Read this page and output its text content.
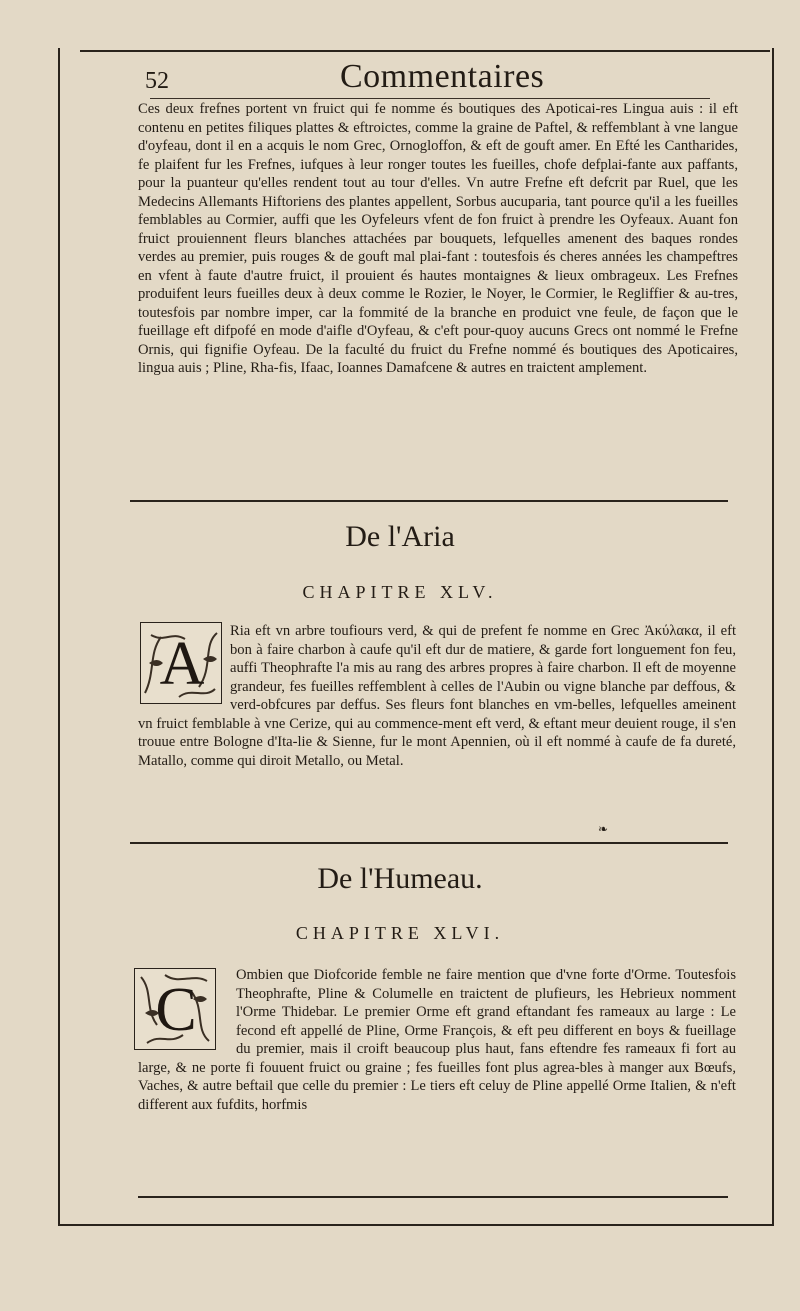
52	Commentaires

Ces deux frefnes portent vn fruict qui fe nomme és boutiques des Apoticai-res Lingua auis : il eft contenu en petites filiques plattes & eftroictes, comme la graine de Paftel, & reffemblant à vne langue d'oyfeau, dont il en a acquis le nom Grec, Ornogloffon, & eft de gouft amer. En Efté les Cantharides, fe plaifent fur les Frefnes, iufques à leur ronger toutes les fueilles, chofe defplai-fante aux paffants, pour la puanteur qu'elles rendent tout au tour d'elles. Vn autre Frefne eft defcrit par Ruel, que les Medecins Allemants Hiftoriens des plantes appellent, Sorbus aucuparia, tant pource qu'il a les fueilles femblables au Cormier, auffi que les Oyfeleurs vfent de fon fruict à prendre les Oyfeaux. Auant fon fruict prouiennent fleurs blanches attachées par bouquets, lefquelles amenent des baques rondes verdes au premier, puis rouges & de gouft mal plai-fant : toutesfois és cheres années les champeftres en vfent à faute d'autre fruict, il prouient és hautes montaignes & lieux ombrageux. Les Frefnes produifent leurs fueilles deux à deux comme le Rozier, le Noyer, le Cormier, le Regliffier & au-tres, toutesfois par nombre imper, car la fommité de la branche en produict vne feule, de façon que le fueillage eft difpofé en mode d'aifle d'Oyfeau, & c'eft pour-quoy aucuns Grecs ont nommé le Frefne Ornis, qui fignifie Oyfeau. De la faculté du fruict du Frefne nommé és boutiques des Apoticaires, lingua auis ; Pline, Rha-fis, Ifaac, Ioannes Damafcene & autres en traictent amplement.

De l'Aria
CHAPITRE XLV.
A	Ria eft vn arbre toufiours verd, & qui de prefent fe nomme en Grec Ἀκύλακα, il eft bon à faire charbon à caufe qu'il eft dur de matiere, & garde fort longuement fon feu, auffi Theophrafte l'a mis au rang des arbres propres à faire charbon. Il eft de moyenne grandeur, fes fueilles reffemblent à celles de l'Aubin ou vigne blanche par deffous, & verd-obfcures par deffus. Ses fleurs font blanches en vm-belles, lefquelles ameinent vn fruict femblable à vne Cerize, qui au commence-ment eft verd, & eftant meur deuient rouge, il s'en trouue entre Bologne d'Ita-lie & Sienne, fur le mont Apennien, où il eft nommé à caufe de fa dureté, Matallo, comme qui diroit Metallo, ou Metal.

❧
De l'Humeau.
CHAPITRE XLVI.
C

Ombien que Diofcoride femble ne faire mention que d'vne forte d'Orme. Toutesfois Theophrafte, Pline & Columelle en traictent de plufieurs, les Hebrieux nomment l'Orme Thidebar. Le premier Orme eft grand eftandant fes rameaux au large : Le fecond eft appellé de Pline, Orme François, & eft peu different en boys & fueillage du premier, mais il croift beaucoup plus haut, fans eftendre fes rameaux fi fort au large, & ne porte fi fouuent fruict ou graine ; fes fueilles font plus agrea-bles à manger aux Bœufs, Vaches, & autre beftail que celle du premier : Le tiers eft celuy de Pline appellé Orme Italien, & n'eft different aux fufdits, horfmis
